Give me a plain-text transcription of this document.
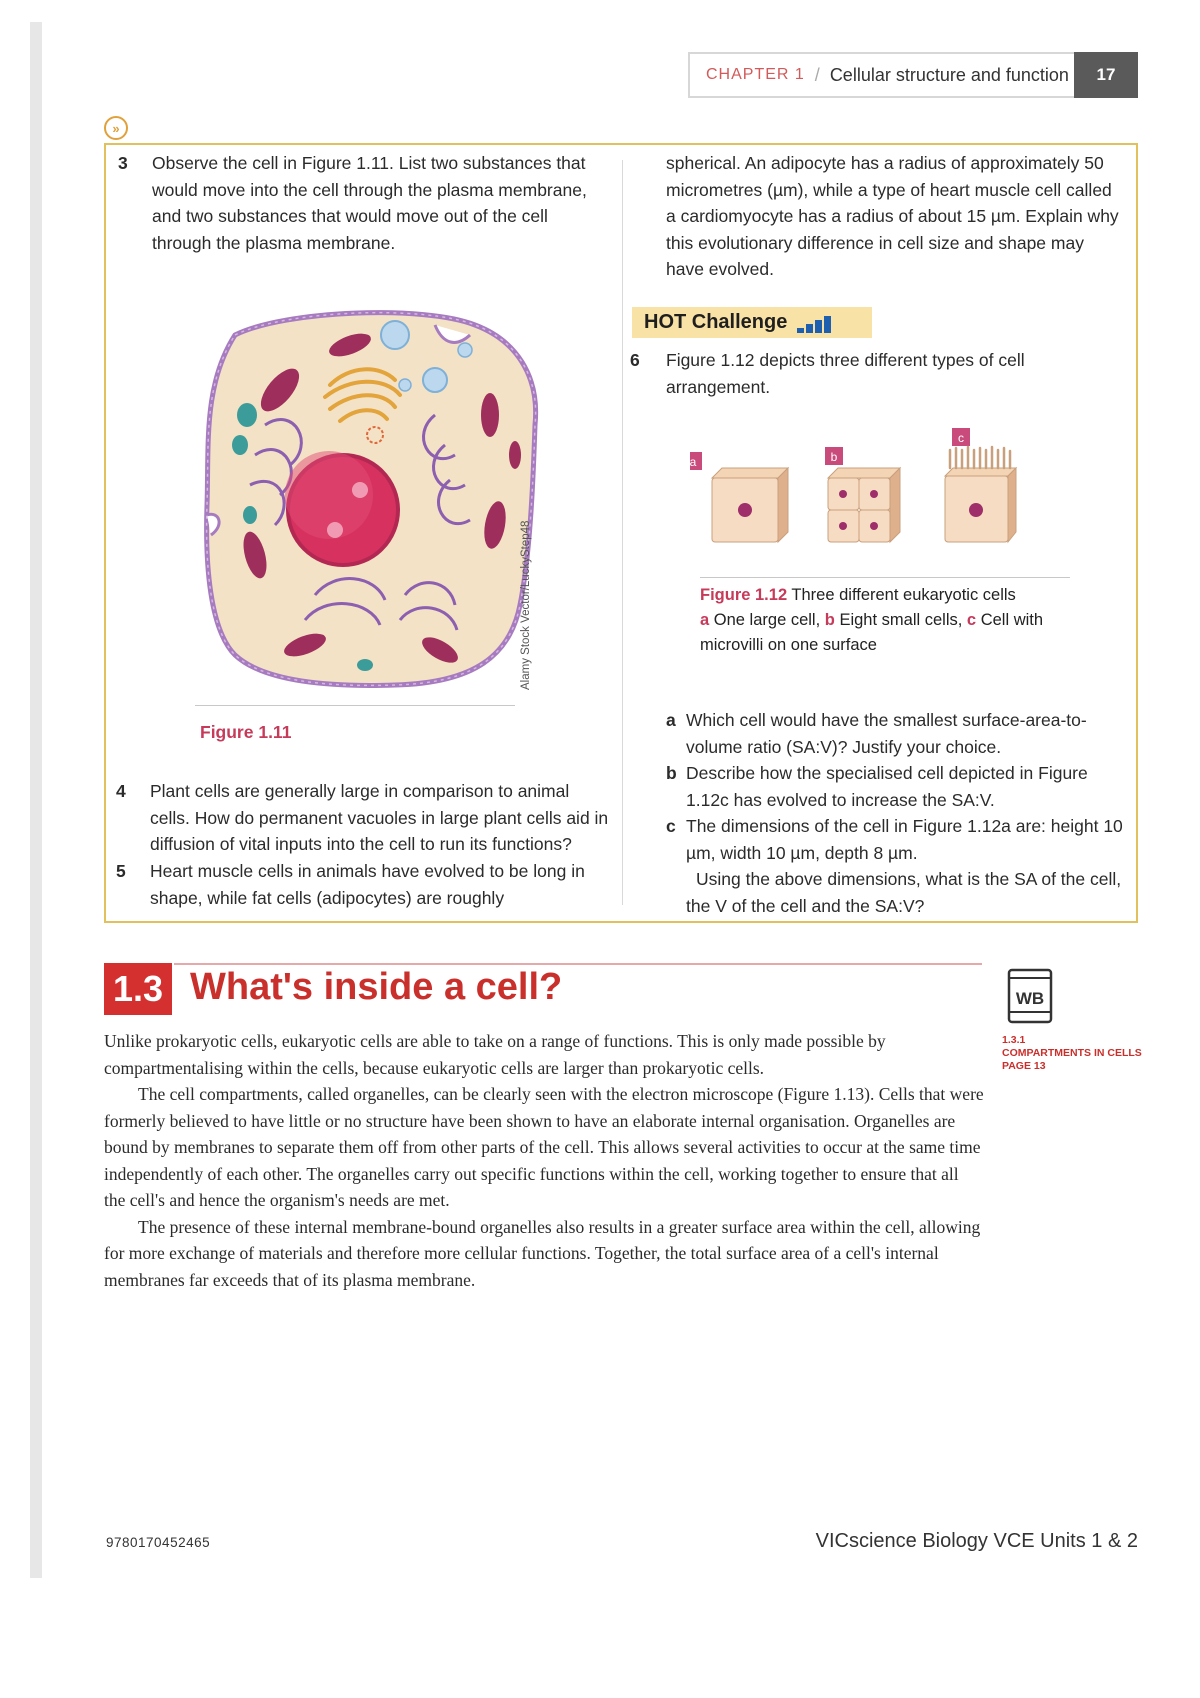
CHAPTER 1 / Cellular structure and function	17
»
3 Observe the cell in Figure 1.11. List two substances that would move into the cell through the plasma membrane, and two substances that would move out of the cell through the plasma membrane.
Alamy Stock Vector/LuckyStep48
Figure 1.11
4 Plant cells are generally large in comparison to animal cells. How do permanent vacuoles in large plant cells aid in diffusion of vital inputs into the cell to run its functions?
5 Heart muscle cells in animals have evolved to be long in shape, while fat cells (adipocytes) are roughly
spherical. An adipocyte has a radius of approximately 50 micrometres (µm), while a type of heart muscle cell called a cardiomyocyte has a radius of about 15 µm. Explain why this evolutionary difference in cell size and shape may have evolved.
HOT Challenge
6 Figure 1.12 depicts three different types of cell arrangement.
a	b
c
Figure 1.12 Three different eukaryotic cells
a One large cell, b Eight small cells, c Cell with microvilli on one surface
a Which cell would have the smallest surface-area-to-volume ratio (SA:V)? Justify your choice.
b Describe how the specialised cell depicted in Figure 1.12c has evolved to increase the SA:V.
c The dimensions of the cell in Figure 1.12a are: height 10 µm, width 10 µm, depth 8 µm.
Using the above dimensions, what is the SA of the cell, the V of the cell and the SA:V?
1.3 What's inside a cell?	WB
1.3.1
COMPARTMENTS IN CELLS
PAGE 13

Unlike prokaryotic cells, eukaryotic cells are able to take on a range of functions. This is only made possible by compartmentalising within the cells, because eukaryotic cells are larger than prokaryotic cells.

The cell compartments, called organelles, can be clearly seen with the electron microscope (Figure 1.13). Cells that were formerly believed to have little or no structure have been shown to have an elaborate internal organisation. Organelles are bound by membranes to separate them off from other parts of the cell. This allows several activities to occur at the same time independently of each other. The organelles carry out specific functions within the cell, working together to ensure that all the cell's and hence the organism's needs are met.

The presence of these internal membrane-bound organelles also results in a greater surface area within the cell, allowing for more exchange of materials and therefore more cellular functions. Together, the total surface area of a cell's internal membranes far exceeds that of its plasma membrane.

9780170452465	VICscience Biology VCE Units 1 & 2
